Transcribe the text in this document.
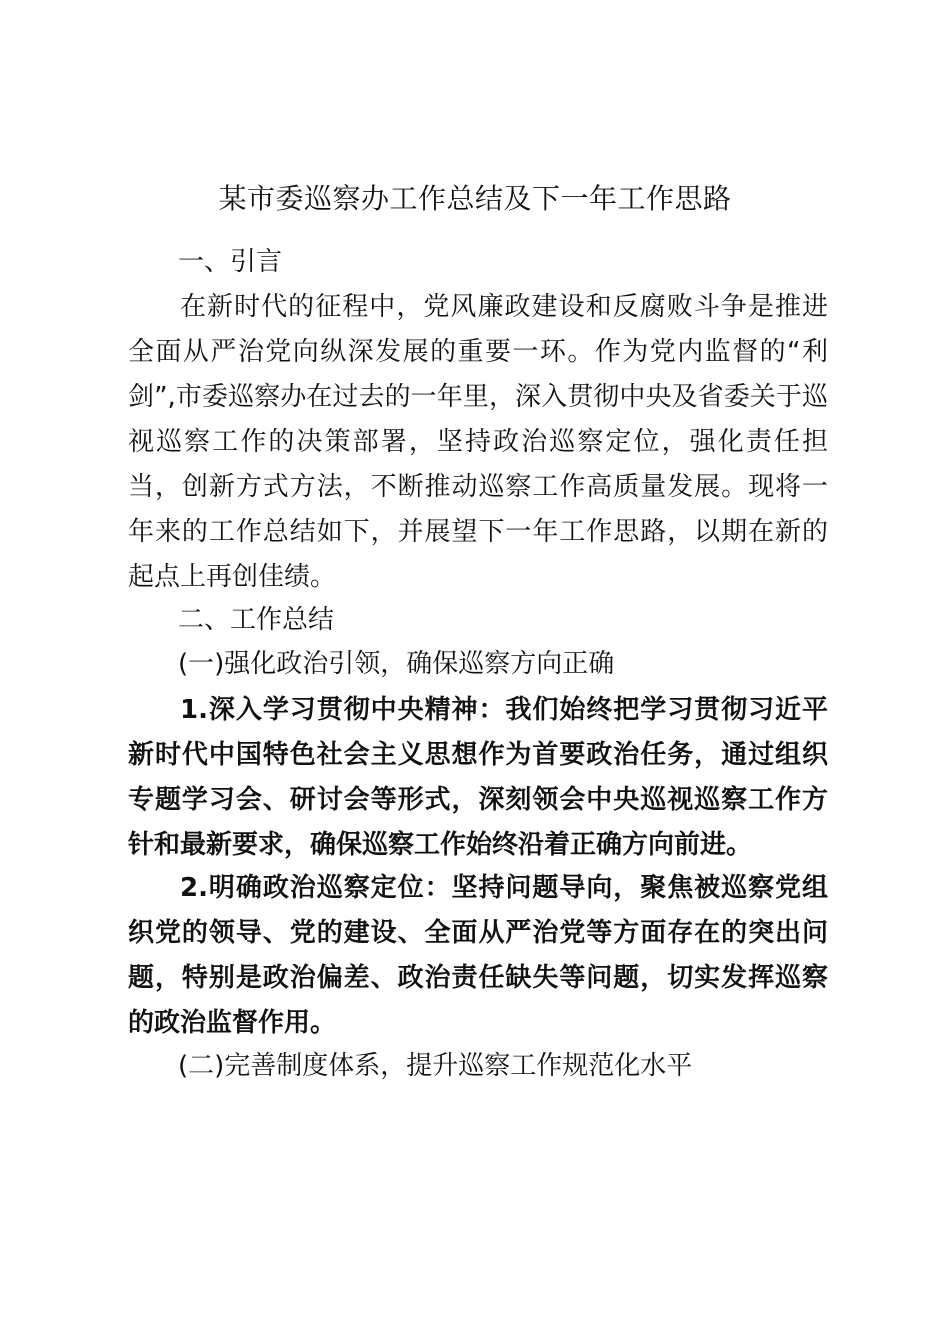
某市委巡察办工作总结及下一年工作思路

一、引言

在新时代的征程中，党风廉政建设和反腐败斗争是推进全面从严治党向纵深发展的重要一环。作为党内监督的“利剑”,市委巡察办在过去的一年里，深入贯彻中央及省委关于巡视巡察工作的决策部署，坚持政治巡察定位，强化责任担当，创新方式方法，不断推动巡察工作高质量发展。现将一年来的工作总结如下，并展望下一年工作思路，以期在新的起点上再创佳绩。

二、工作总结

(一)强化政治引领，确保巡察方向正确

1.深入学习贯彻中央精神：我们始终把学习贯彻习近平新时代中国特色社会主义思想作为首要政治任务，通过组织专题学习会、研讨会等形式，深刻领会中央巡视巡察工作方针和最新要求，确保巡察工作始终沿着正确方向前进。

2.明确政治巡察定位：坚持问题导向，聚焦被巡察党组织党的领导、党的建设、全面从严治党等方面存在的突出问题，特别是政治偏差、政治责任缺失等问题，切实发挥巡察的政治监督作用。

(二)完善制度体系，提升巡察工作规范化水平
